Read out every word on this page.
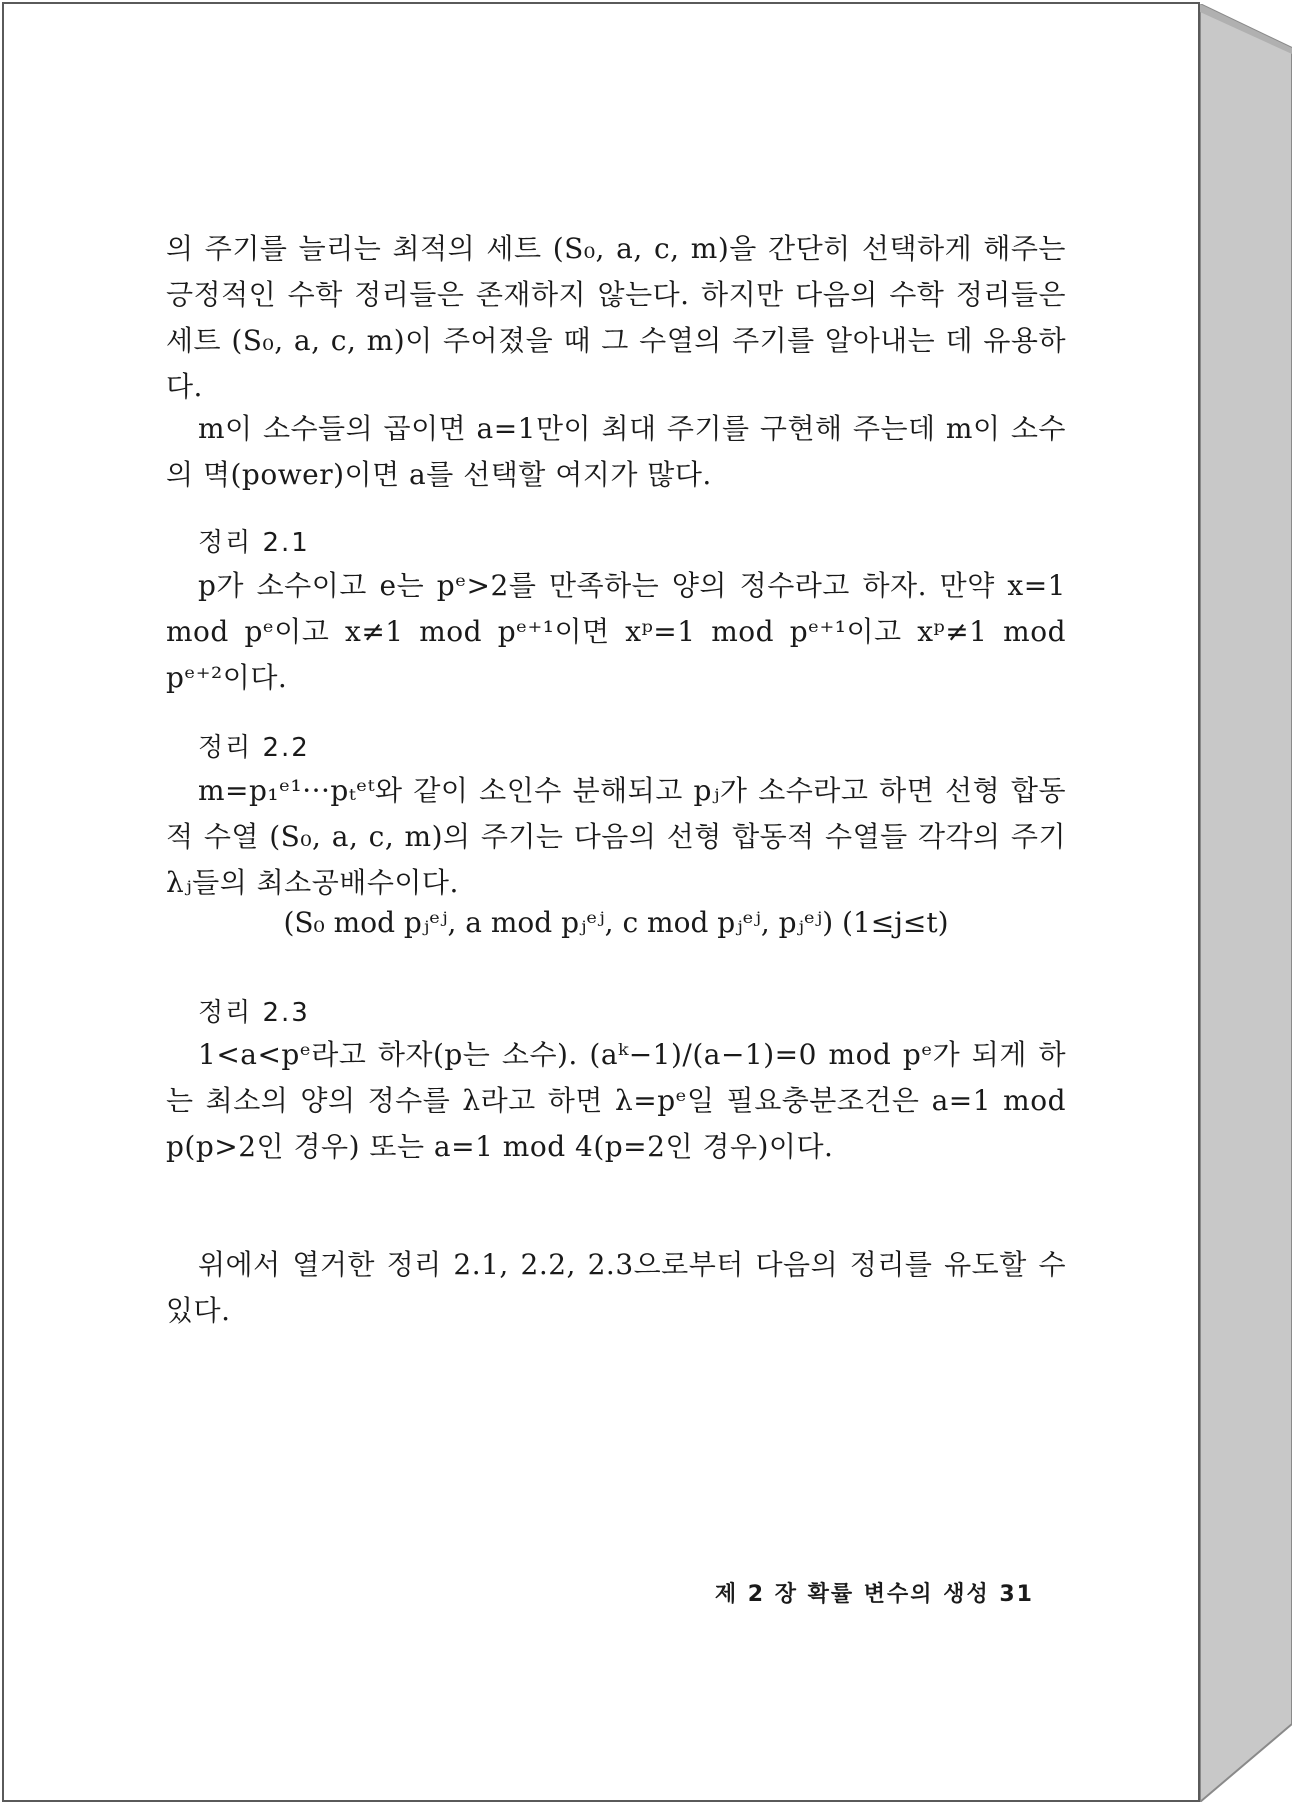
의 주기를 늘리는 최적의 세트 (S₀, a, c, m)을 간단히 선택하게 해주는 긍정적인 수학 정리들은 존재하지 않는다. 하지만 다음의 수학 정리들은 세트 (S₀, a, c, m)이 주어졌을 때 그 수열의 주기를 알아내는 데 유용하다.
m이 소수들의 곱이면 a=1만이 최대 주기를 구현해 주는데 m이 소수의 멱(power)이면 a를 선택할 여지가 많다.
정리 2.1
p가 소수이고 e는 pᵉ>2를 만족하는 양의 정수라고 하자. 만약 x=1 mod pᵉ이고 x≠1 mod pᵉ⁺¹이면 xᵖ=1 mod pᵉ⁺¹이고 xᵖ≠1 mod pᵉ⁺²이다.
정리 2.2
m=p₁ᵉ¹···pₜᵉᵗ와 같이 소인수 분해되고 pⱼ가 소수라고 하면 선형 합동적 수열 (S₀, a, c, m)의 주기는 다음의 선형 합동적 수열들 각각의 주기 λⱼ들의 최소공배수이다.
(S₀ mod pⱼᵉʲ, a mod pⱼᵉʲ, c mod pⱼᵉʲ, pⱼᵉʲ) (1≤j≤t)
정리 2.3
1<a<pᵉ라고 하자(p는 소수). (aᵏ−1)/(a−1)=0 mod pᵉ가 되게 하는 최소의 양의 정수를 λ라고 하면 λ=pᵉ일 필요충분조건은 a=1 mod p(p>2인 경우) 또는 a=1 mod 4(p=2인 경우)이다.
위에서 열거한 정리 2.1, 2.2, 2.3으로부터 다음의 정리를 유도할 수 있다.
제 2 장 확률 변수의 생성 31
